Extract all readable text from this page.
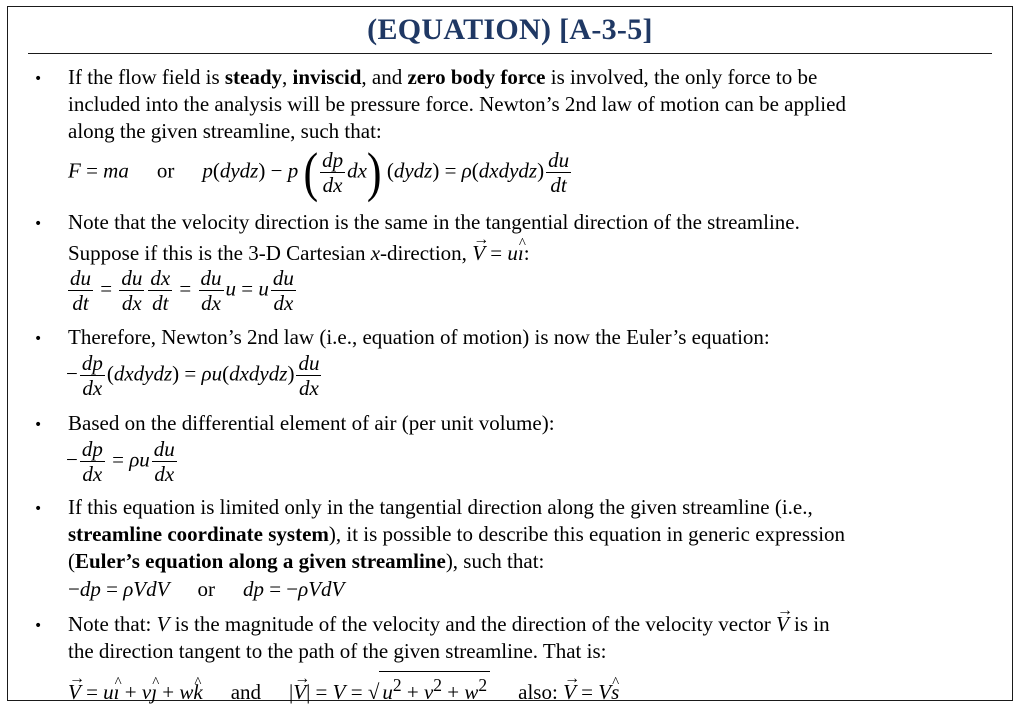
(EQUATION) [A-3-5]
• If the flow field is steady, inviscid, and zero body force is involved, the only force to be
included into the analysis will be pressure force. Newton’s 2nd law of motion can be applied
along the given streamline, such that:
F = ma or p(dydz) − p ( $\frac{dp}{dx} dx$) (dydz) = ρ(dxdydz) $\frac{du}{dt}$
• Note that the velocity direction is the same in the tangential direction of the streamline.
Suppose if this is the 3-D Cartesian x-direction, → V = u^ ı:
$\frac{du}{dt} = \frac{du}{dx} \frac{dx}{dt} = \frac{du}{dx}$ u = u $\frac{du}{dx}$
• Therefore, Newton’s 2nd law (i.e., equation of motion) is now the Euler’s equation:
− $\frac{dp}{dx}$ (dxdydz) = ρu(dxdydz) $\frac{du}{dx}$
• Based on the differential element of air (per unit volume):
− $\frac{dp}{dx} = \rho u \frac{du}{dx}$
• If this equation is limited only in the tangential direction along the given streamline (i.e.,
streamline coordinate system), it is possible to describe this equation in generic expression
(Euler’s equation along a given streamline), such that:
−dp = ρVdV or dp = −ρVdV
• Note that: V is the magnitude of the velocity and the direction of the velocity vector → V is in
the direction tangent to the path of the given streamline. That is:
→ V = u^ ı + v^ ȷ + w^ k and |→ V| = V = √ $u^2 + v^2 + w^2$ also: → V = V^ s
